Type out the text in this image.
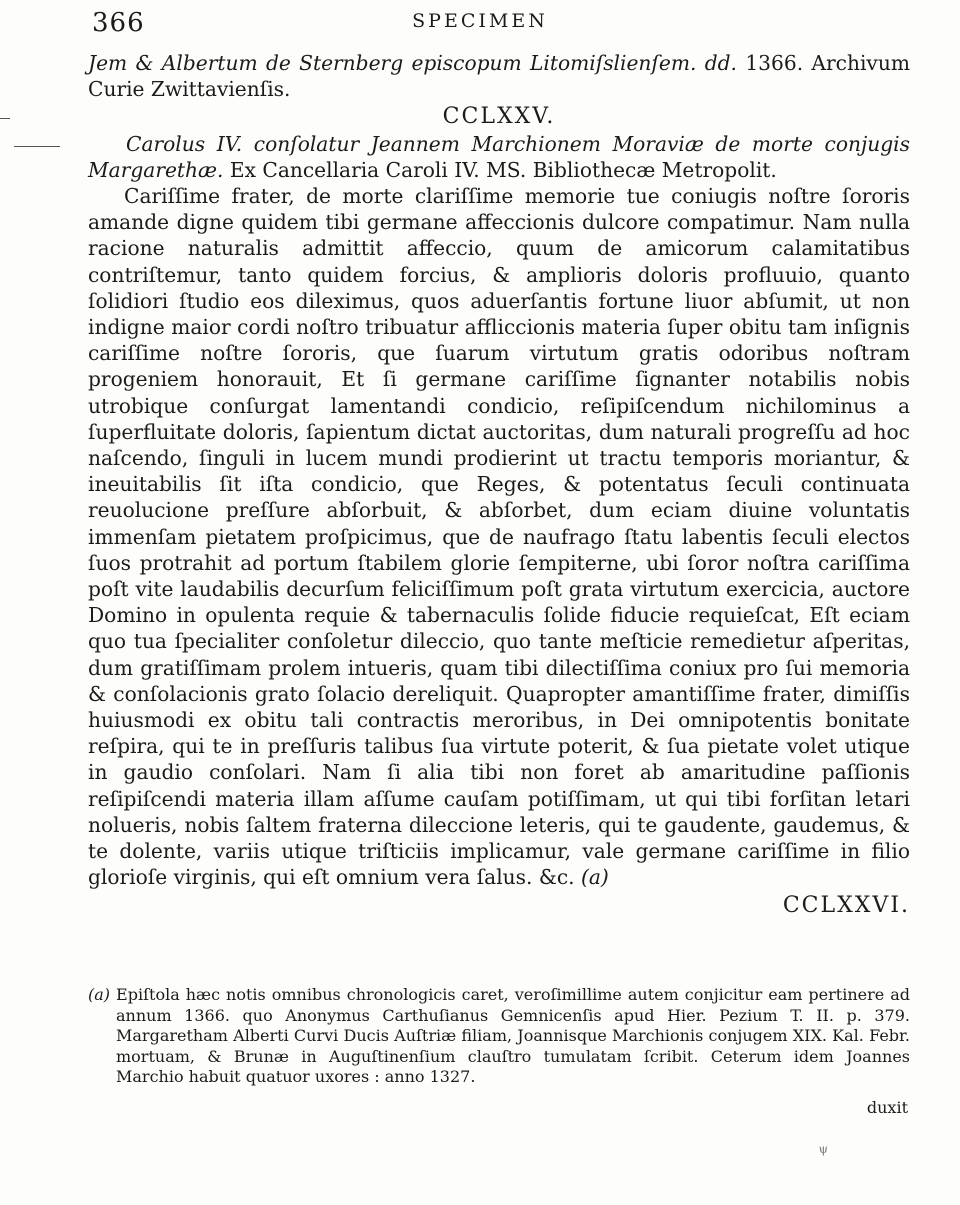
366	SPECIMEN

Jem & Albertum de Sternberg episcopum Litomiſslienſem. dd. 1366. Archivum Curie Zwittavienſis.

CCLXXV.

Carolus IV. conſolatur Jeannem Marchionem Moraviæ de morte conjugis Margarethæ. Ex Cancellaria Caroli IV. MS. Bibliothecæ Metropolit.

Cariſſime frater, de morte clariſſime memorie tue coniugis noſtre ſororis amande digne quidem tibi germane affeccionis dulcore compatimur. Nam nulla racione naturalis admittit affeccio, quum de amicorum calamitatibus contriſtemur, tanto quidem forcius, & amplioris doloris profluuio, quanto ſolidiori ſtudio eos dileximus, quos aduerſantis fortune liuor abſumit, ut non indigne maior cordi noſtro tribuatur affliccionis materia ſuper obitu tam inſignis cariſſime noſtre ſororis, que ſuarum virtutum gratis odoribus noſtram progeniem honorauit, Et ſi germane cariſſime ſignanter notabilis nobis utrobique conſurgat lamentandi condicio, reſipiſcendum nichilominus a ſuperfluitate doloris, ſapientum dictat auctoritas, dum naturali progreſſu ad hoc naſcendo, ſinguli in lucem mundi prodierint ut tractu temporis moriantur, & ineuitabilis ſit iſta condicio, que Reges, & potentatus ſeculi continuata reuolucione preſſure abſorbuit, & abſorbet, dum eciam diuine voluntatis immenſam pietatem proſpicimus, que de naufrago ſtatu labentis ſeculi electos ſuos protrahit ad portum ſtabilem glorie ſempiterne, ubi ſoror noſtra cariſſima poſt vite laudabilis decurſum feliciſſimum poſt grata virtutum exercicia, auctore Domino in opulenta requie & tabernaculis ſolide fiducie requieſcat, Eſt eciam quo tua ſpecialiter conſoletur dileccio, quo tante meſticie remedietur aſperitas, dum gratiſſimam prolem intueris, quam tibi dilectiſſima coniux pro ſui memoria & conſolacionis grato ſolacio dereliquit. Quapropter amantiſſime frater, dimiſſis huiusmodi ex obitu tali contractis meroribus, in Dei omnipotentis bonitate reſpira, qui te in preſſuris talibus ſua virtute poterit, & ſua pietate volet utique in gaudio conſolari. Nam ſi alia tibi non foret ab amaritudine paſſionis reſipiſcendi materia illam aſſume cauſam potiſſimam, ut qui tibi forſitan letari nolueris, nobis ſaltem fraterna dileccione leteris, qui te gaudente, gaudemus, & te dolente, variis utique triſticiis implicamur, vale germane cariſſime in filio glorioſe virginis, qui eſt omnium vera ſalus. &c. (a)

CCLXXVI.

(a) Epiſtola hæc notis omnibus chronologicis caret, veroſimillime autem conjicitur eam pertinere ad annum 1366. quo Anonymus Carthuſianus Gemnicenſis apud Hier. Pezium T. II. p. 379. Margaretham Alberti Curvi Ducis Auſtriæ filiam, Joannisque Marchionis conjugem XIX. Kal. Febr. mortuam, & Brunæ in Auguſtinenſium clauſtro tumulatam ſcribit. Ceterum idem Joannes Marchio habuit quatuor uxores : anno 1327.

duxit
ψ
